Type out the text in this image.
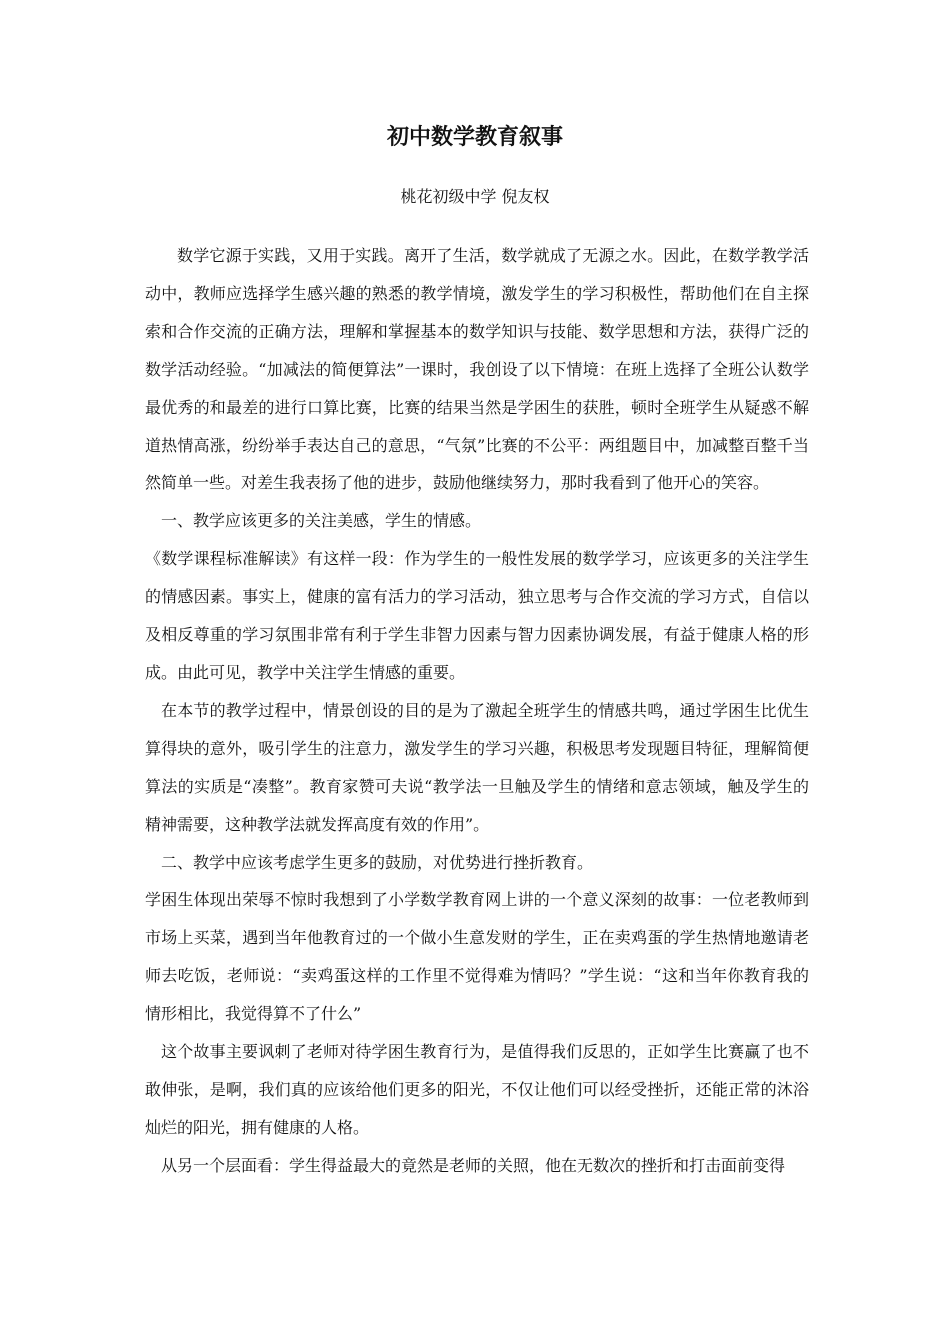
初中数学教育叙事
桃花初级中学 倪友权

数学它源于实践，又用于实践。离开了生活，数学就成了无源之水。因此，在数学教学活动中，教师应选择学生感兴趣的熟悉的教学情境，激发学生的学习积极性，帮助他们在自主探索和合作交流的正确方法，理解和掌握基本的数学知识与技能、数学思想和方法，获得广泛的数学活动经验。“加减法的简便算法”一课时，我创设了以下情境：在班上选择了全班公认数学最优秀的和最差的进行口算比赛，比赛的结果当然是学困生的获胜，顿时全班学生从疑惑不解道热情高涨，纷纷举手表达自己的意思，“气氛”比赛的不公平：两组题目中，加减整百整千当然简单一些。对差生我表扬了他的进步，鼓励他继续努力，那时我看到了他开心的笑容。

一、教学应该更多的关注美感，学生的情感。

《数学课程标准解读》有这样一段：作为学生的一般性发展的数学学习，应该更多的关注学生的情感因素。事实上，健康的富有活力的学习活动，独立思考与合作交流的学习方式，自信以及相反尊重的学习氛围非常有利于学生非智力因素与智力因素协调发展，有益于健康人格的形成。由此可见，教学中关注学生情感的重要。

在本节的教学过程中，情景创设的目的是为了激起全班学生的情感共鸣，通过学困生比优生算得块的意外，吸引学生的注意力，激发学生的学习兴趣，积极思考发现题目特征，理解简便算法的实质是“凑整”。教育家赞可夫说“教学法一旦触及学生的情绪和意志领域，触及学生的精神需要，这种教学法就发挥高度有效的作用”。

二、教学中应该考虑学生更多的鼓励，对优势进行挫折教育。

学困生体现出荣辱不惊时我想到了小学数学教育网上讲的一个意义深刻的故事：一位老教师到市场上买菜，遇到当年他教育过的一个做小生意发财的学生，正在卖鸡蛋的学生热情地邀请老师去吃饭，老师说：“卖鸡蛋这样的工作里不觉得难为情吗？”学生说：“这和当年你教育我的情形相比，我觉得算不了什么”

这个故事主要讽刺了老师对待学困生教育行为，是值得我们反思的，正如学生比赛赢了也不敢伸张，是啊，我们真的应该给他们更多的阳光，不仅让他们可以经受挫折，还能正常的沐浴灿烂的阳光，拥有健康的人格。

从另一个层面看：学生得益最大的竟然是老师的关照，他在无数次的挫折和打击面前变得
